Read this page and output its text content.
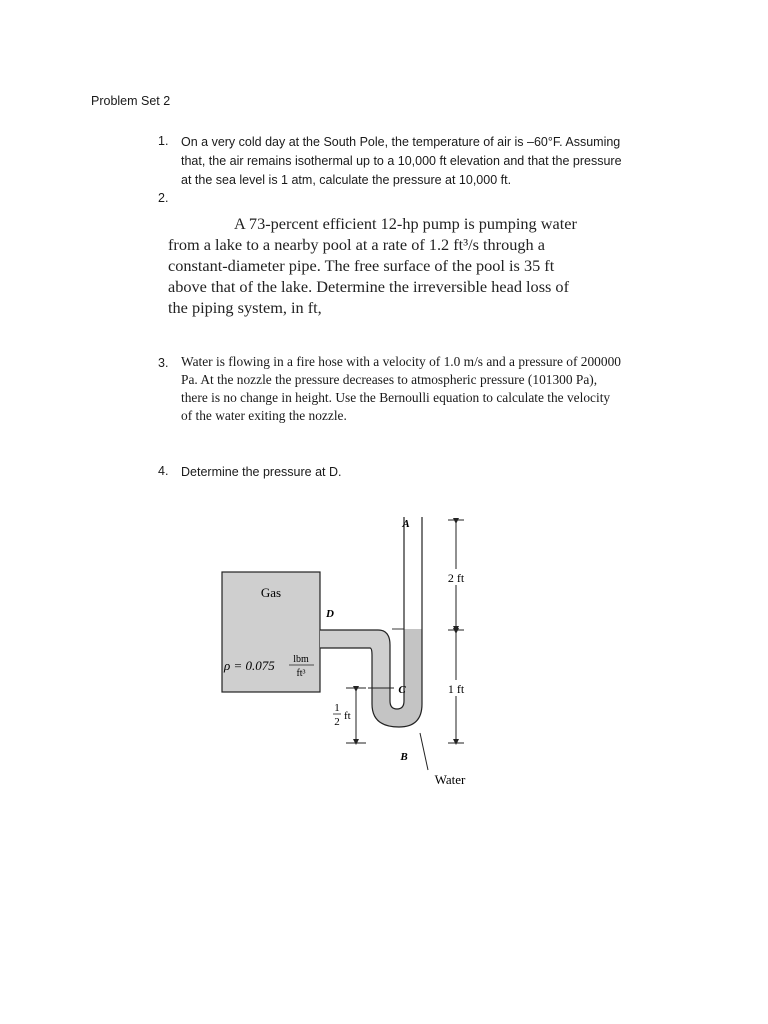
Problem Set 2
1. On a very cold day at the South Pole, the temperature of air is –60°F. Assuming
that, the air remains isothermal up to a 10,000 ft elevation and that the pressure
at the sea level is 1 atm, calculate the pressure at 10,000 ft.
2.
A 73-percent efficient 12-hp pump is pumping water
from a lake to a nearby pool at a rate of 1.2 ft³/s through a
constant-diameter pipe. The free surface of the pool is 35 ft
above that of the lake. Determine the irreversible head loss of
the piping system, in ft,
3. Water is flowing in a fire hose with a velocity of 1.0 m/s and a pressure of 200000
Pa. At the nozzle the pressure decreases to atmospheric pressure (101300 Pa),
there is no change in height. Use the Bernoulli equation to calculate the velocity
of the water exiting the nozzle.
4. Determine the pressure at D.
Gas
ρ = 0.075 lbm
ft³
A
D
C
B
2 ft
1 ft
1
2 ft
Water
